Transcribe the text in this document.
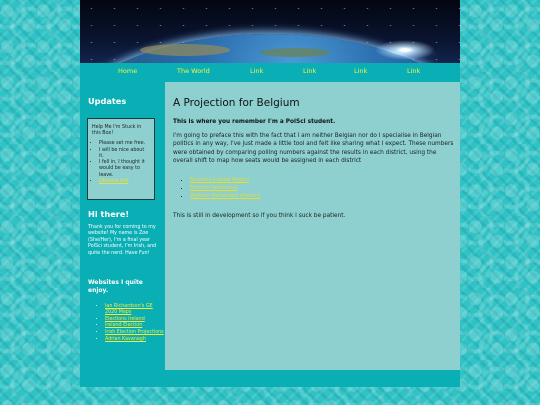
Home	The World	Link	Link	Link	Link
Updates
Help Me I'm Stuck in this Box!
• Please set me free.
• I will be nice about it.
• I fell in, I thought it would be easy to leave.
• Obvious link
Hi there!

Thank you for coming to my website! My name is Zoe (She/Her), I'm a final year PolSci student, I'm Irish, and quite the nerd. Have Fun!

Websites I quite enjoy.
• Ian Richardson's GE 2020 Maps
• Elections Ireland
• Ireland Election
• Irish Election Projections
• Adrian Kavanagh
A Projection for Belgium

This is where you remember I'm a PolSci student.

I'm going to preface this with the fact that I am neither Belgian nor do I specialise in Belgian politics in any way, I've just made a little tool and felt like sharing what I expect. These numbers were obtained by comparing polling numbers against the results in each district, using the overall shift to map how seats would be assigned in each district

• Brussels-Capital Region
• Flemish Parliament
• Walloon Parliament (French)

This is still in development so if you think I suck be patient.
